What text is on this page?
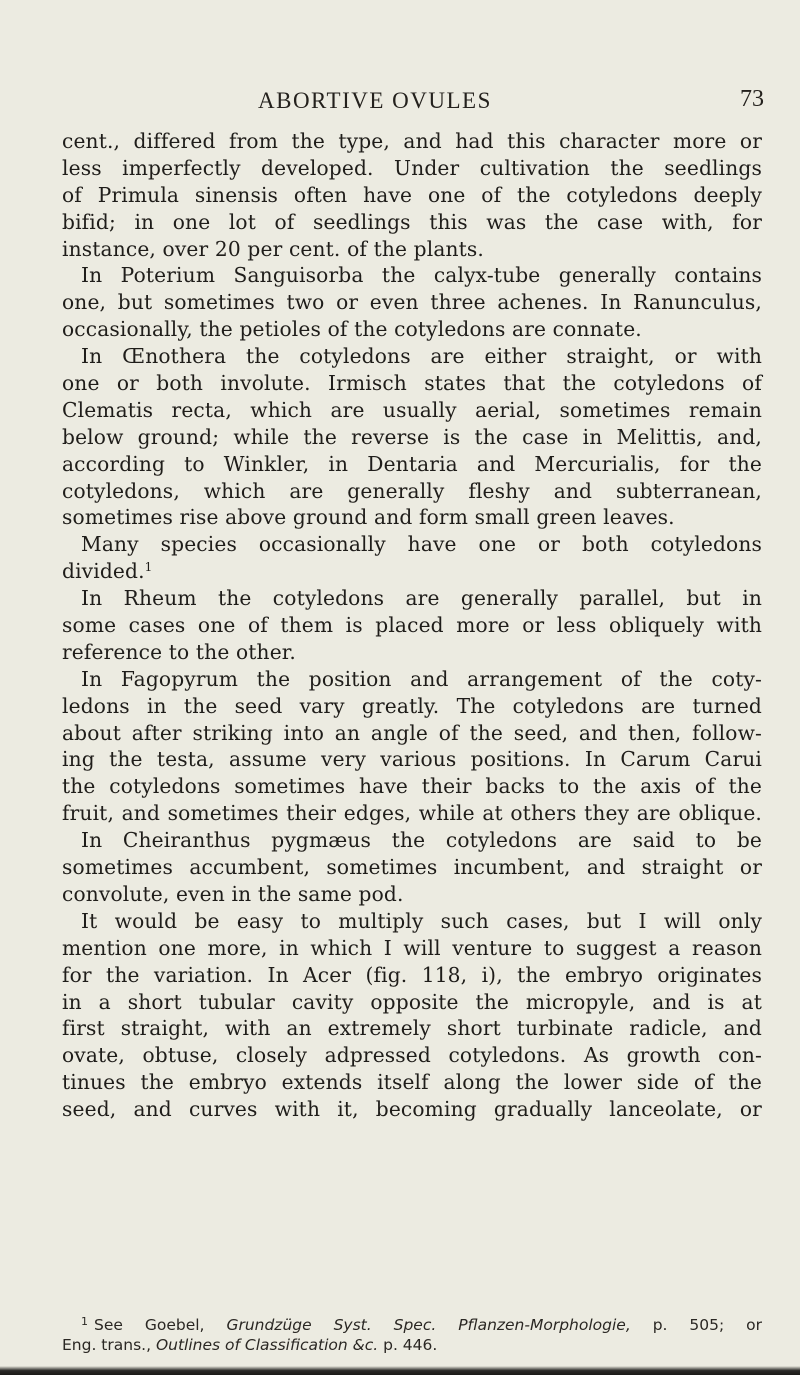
ABORTIVE OVULES	73
cent., differed from the type, and had this character more or
less imperfectly developed. Under cultivation the seedlings
of Primula sinensis often have one of the cotyledons deeply
bifid; in one lot of seedlings this was the case with, for
instance, over 20 per cent. of the plants.
In Poterium Sanguisorba the calyx-tube generally contains
one, but sometimes two or even three achenes. In Ranunculus,
occasionally, the petioles of the cotyledons are connate.
In Œnothera the cotyledons are either straight, or with
one or both involute. Irmisch states that the cotyledons of
Clematis recta, which are usually aerial, sometimes remain
below ground; while the reverse is the case in Melittis, and,
according to Winkler, in Dentaria and Mercurialis, for the
cotyledons, which are generally fleshy and subterranean,
sometimes rise above ground and form small green leaves.
Many species occasionally have one or both cotyledons
divided.$^1$
In Rheum the cotyledons are generally parallel, but in
some cases one of them is placed more or less obliquely with
reference to the other.
In Fagopyrum the position and arrangement of the coty-
ledons in the seed vary greatly. The cotyledons are turned
about after striking into an angle of the seed, and then, follow-
ing the testa, assume very various positions. In Carum Carui
the cotyledons sometimes have their backs to the axis of the
fruit, and sometimes their edges, while at others they are oblique.
In Cheiranthus pygmæus the cotyledons are said to be
sometimes accumbent, sometimes incumbent, and straight or
convolute, even in the same pod.
It would be easy to multiply such cases, but I will only
mention one more, in which I will venture to suggest a reason
for the variation. In Acer (fig. 118, i), the embryo originates
in a short tubular cavity opposite the micropyle, and is at
first straight, with an extremely short turbinate radicle, and
ovate, obtuse, closely adpressed cotyledons. As growth con-
tinues the embryo extends itself along the lower side of the
seed, and curves with it, becoming gradually lanceolate, or
$^1$ See Goebel, Grundzüge Syst. Spec. Pflanzen-Morphologie, p. 505; or
Eng. trans., Outlines of Classification &c. p. 446.
